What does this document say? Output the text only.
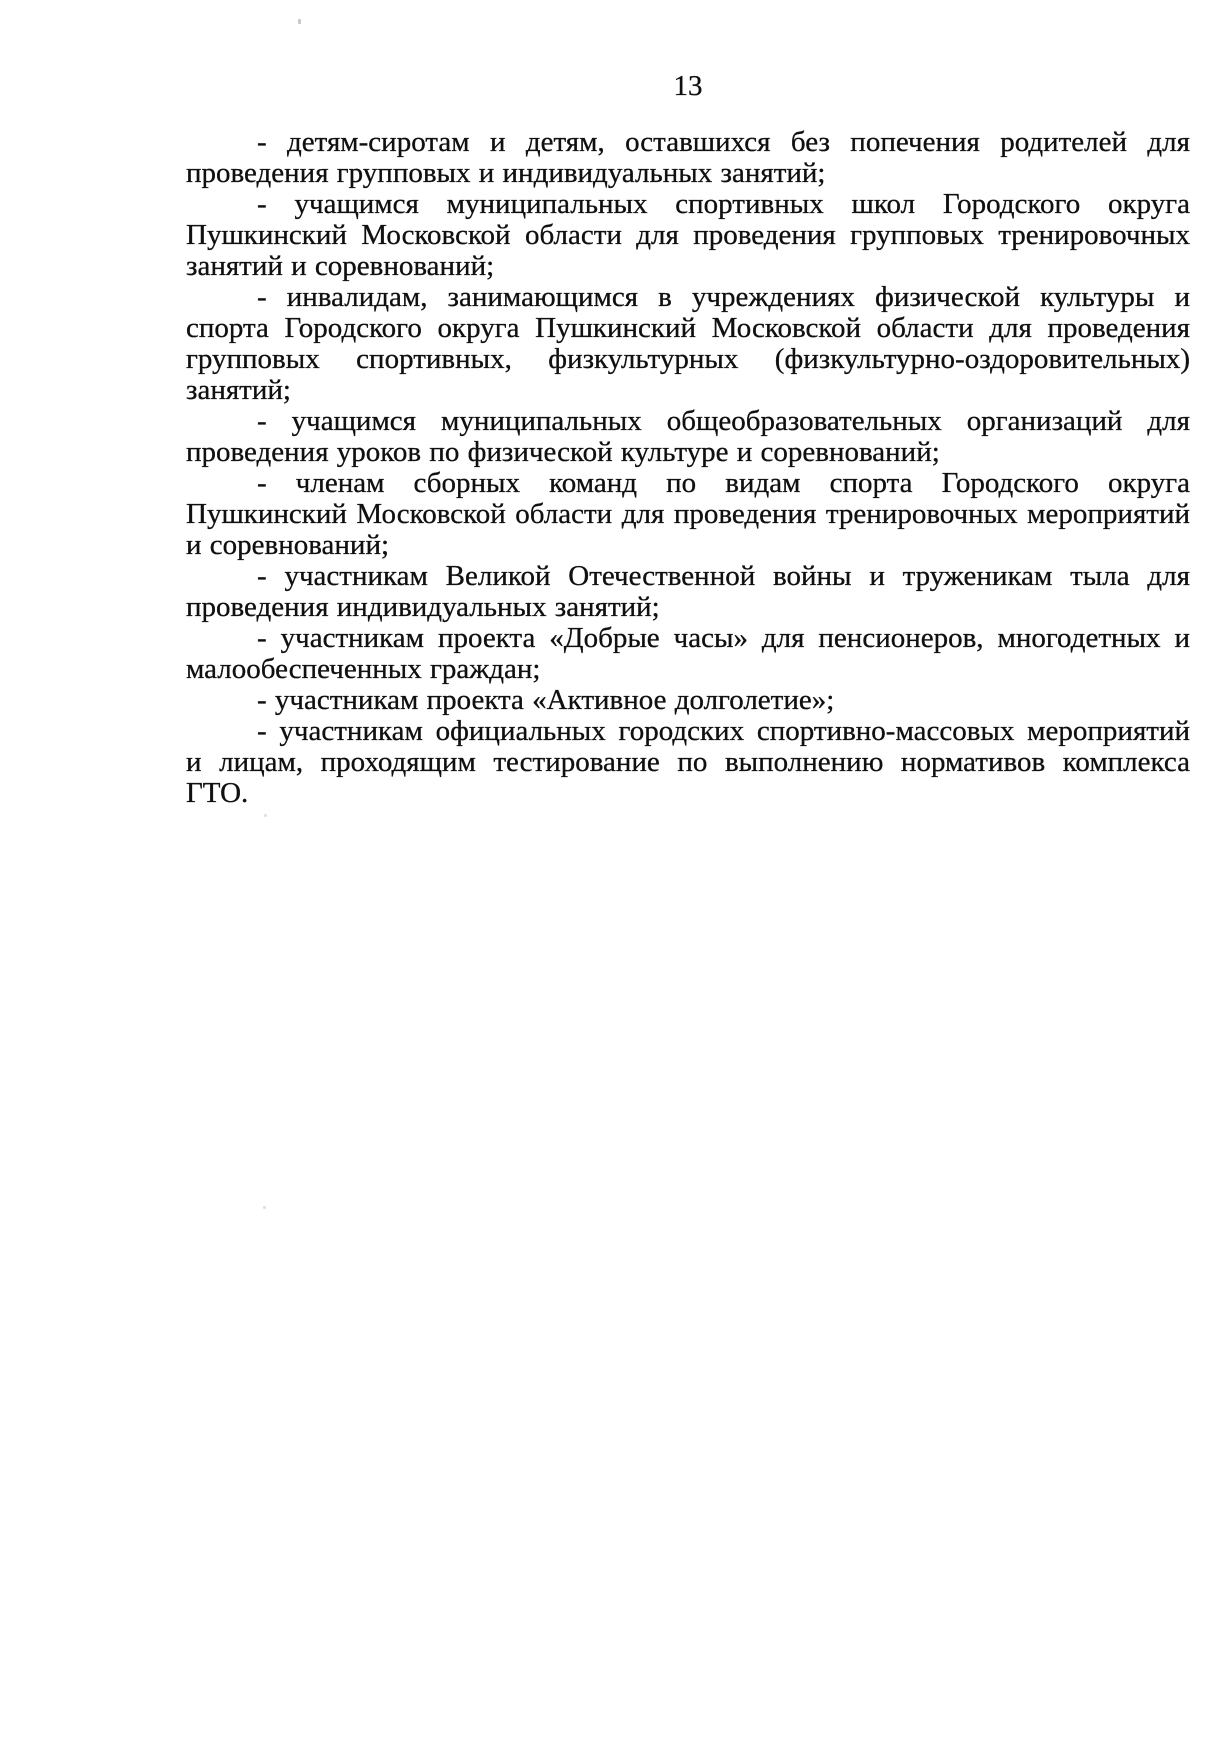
13

- детям-сиротам и детям, оставшихся без попечения родителей для проведения групповых и индивидуальных занятий;

- учащимся муниципальных спортивных школ Городского округа Пушкинский Московской области для проведения групповых тренировочных занятий и соревнований;

- инвалидам, занимающимся в учреждениях физической культуры и спорта Городского округа Пушкинский Московской области для проведения групповых спортивных, физкультурных (физкультурно-оздоровительных) занятий;

- учащимся муниципальных общеобразовательных организаций для проведения уроков по физической культуре и соревнований;

- членам сборных команд по видам спорта Городского округа Пушкинский Московской области для проведения тренировочных мероприятий и соревнований;

- участникам Великой Отечественной войны и труженикам тыла для проведения индивидуальных занятий;

- участникам проекта «Добрые часы» для пенсионеров, многодетных и малообеспеченных граждан;

- участникам проекта «Активное долголетие»;

- участникам официальных городских спортивно-массовых мероприятий и лицам, проходящим тестирование по выполнению нормативов комплекса ГТО.
